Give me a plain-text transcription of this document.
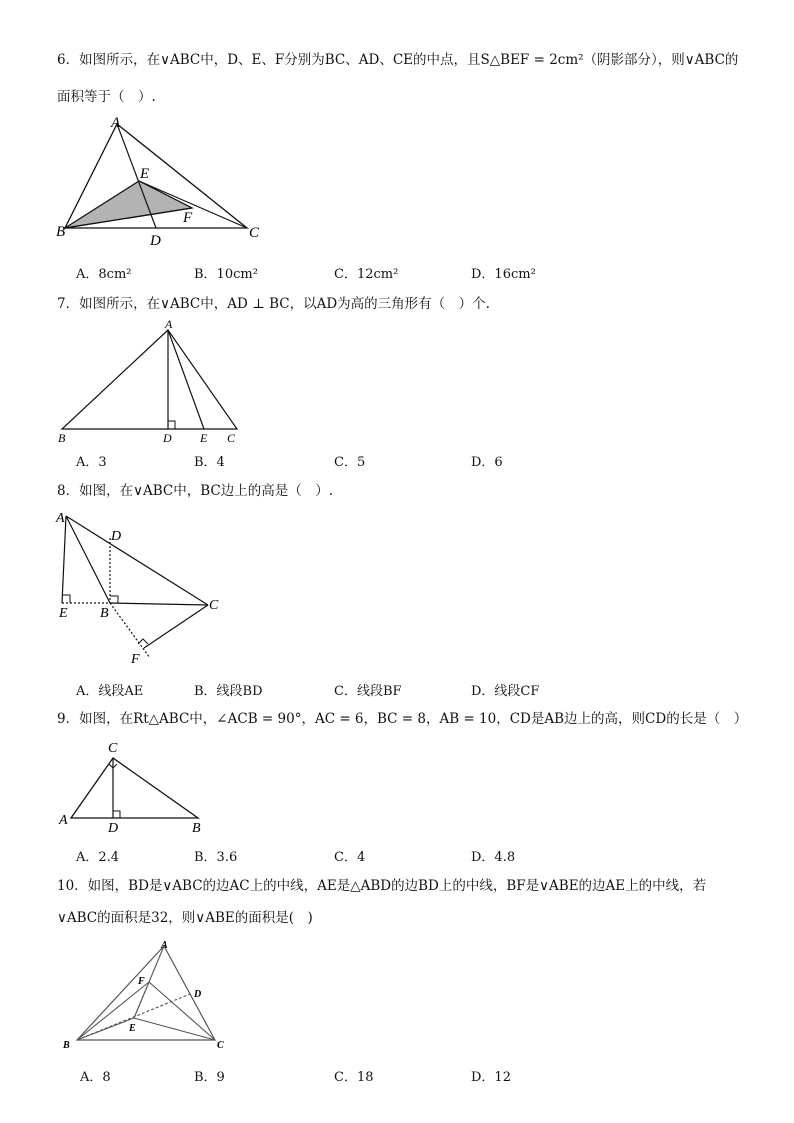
6．如图所示，在∨ABC中，D、E、F分别为BC、AD、CE的中点，且S△BEF = 2cm²（阴影部分），则∨ABC的
面积等于（　）.
A
B	C
D
E
F
A．8cm²	B．10cm²	C．12cm²	D．16cm²
7．如图所示，在∨ABC中，AD ⊥ BC，以AD为高的三角形有（　）个.
A
B	D E C
A．3	B．4	C．5	D．6
8．如图，在∨ABC中，BC边上的高是（　）.
A
D
E B
C
F
A．线段AE	B．线段BD	C．线段BF	D．线段CF
9．如图，在Rt△ABC中，∠ACB = 90°，AC = 6，BC = 8，AB = 10，CD是AB边上的高，则CD的长是（　）
C
A
D	B
A．2.4	B．3.6	C．4	D．4.8
10．如图，BD是∨ABC的边AC上的中线，AE是△ABD的边BD上的中线，BF是∨ABE的边AE上的中线，若
∨ABC的面积是32，则∨ABE的面积是(　)
A
F
D
E
B	C
A．8	B．9	C．18	D．12
